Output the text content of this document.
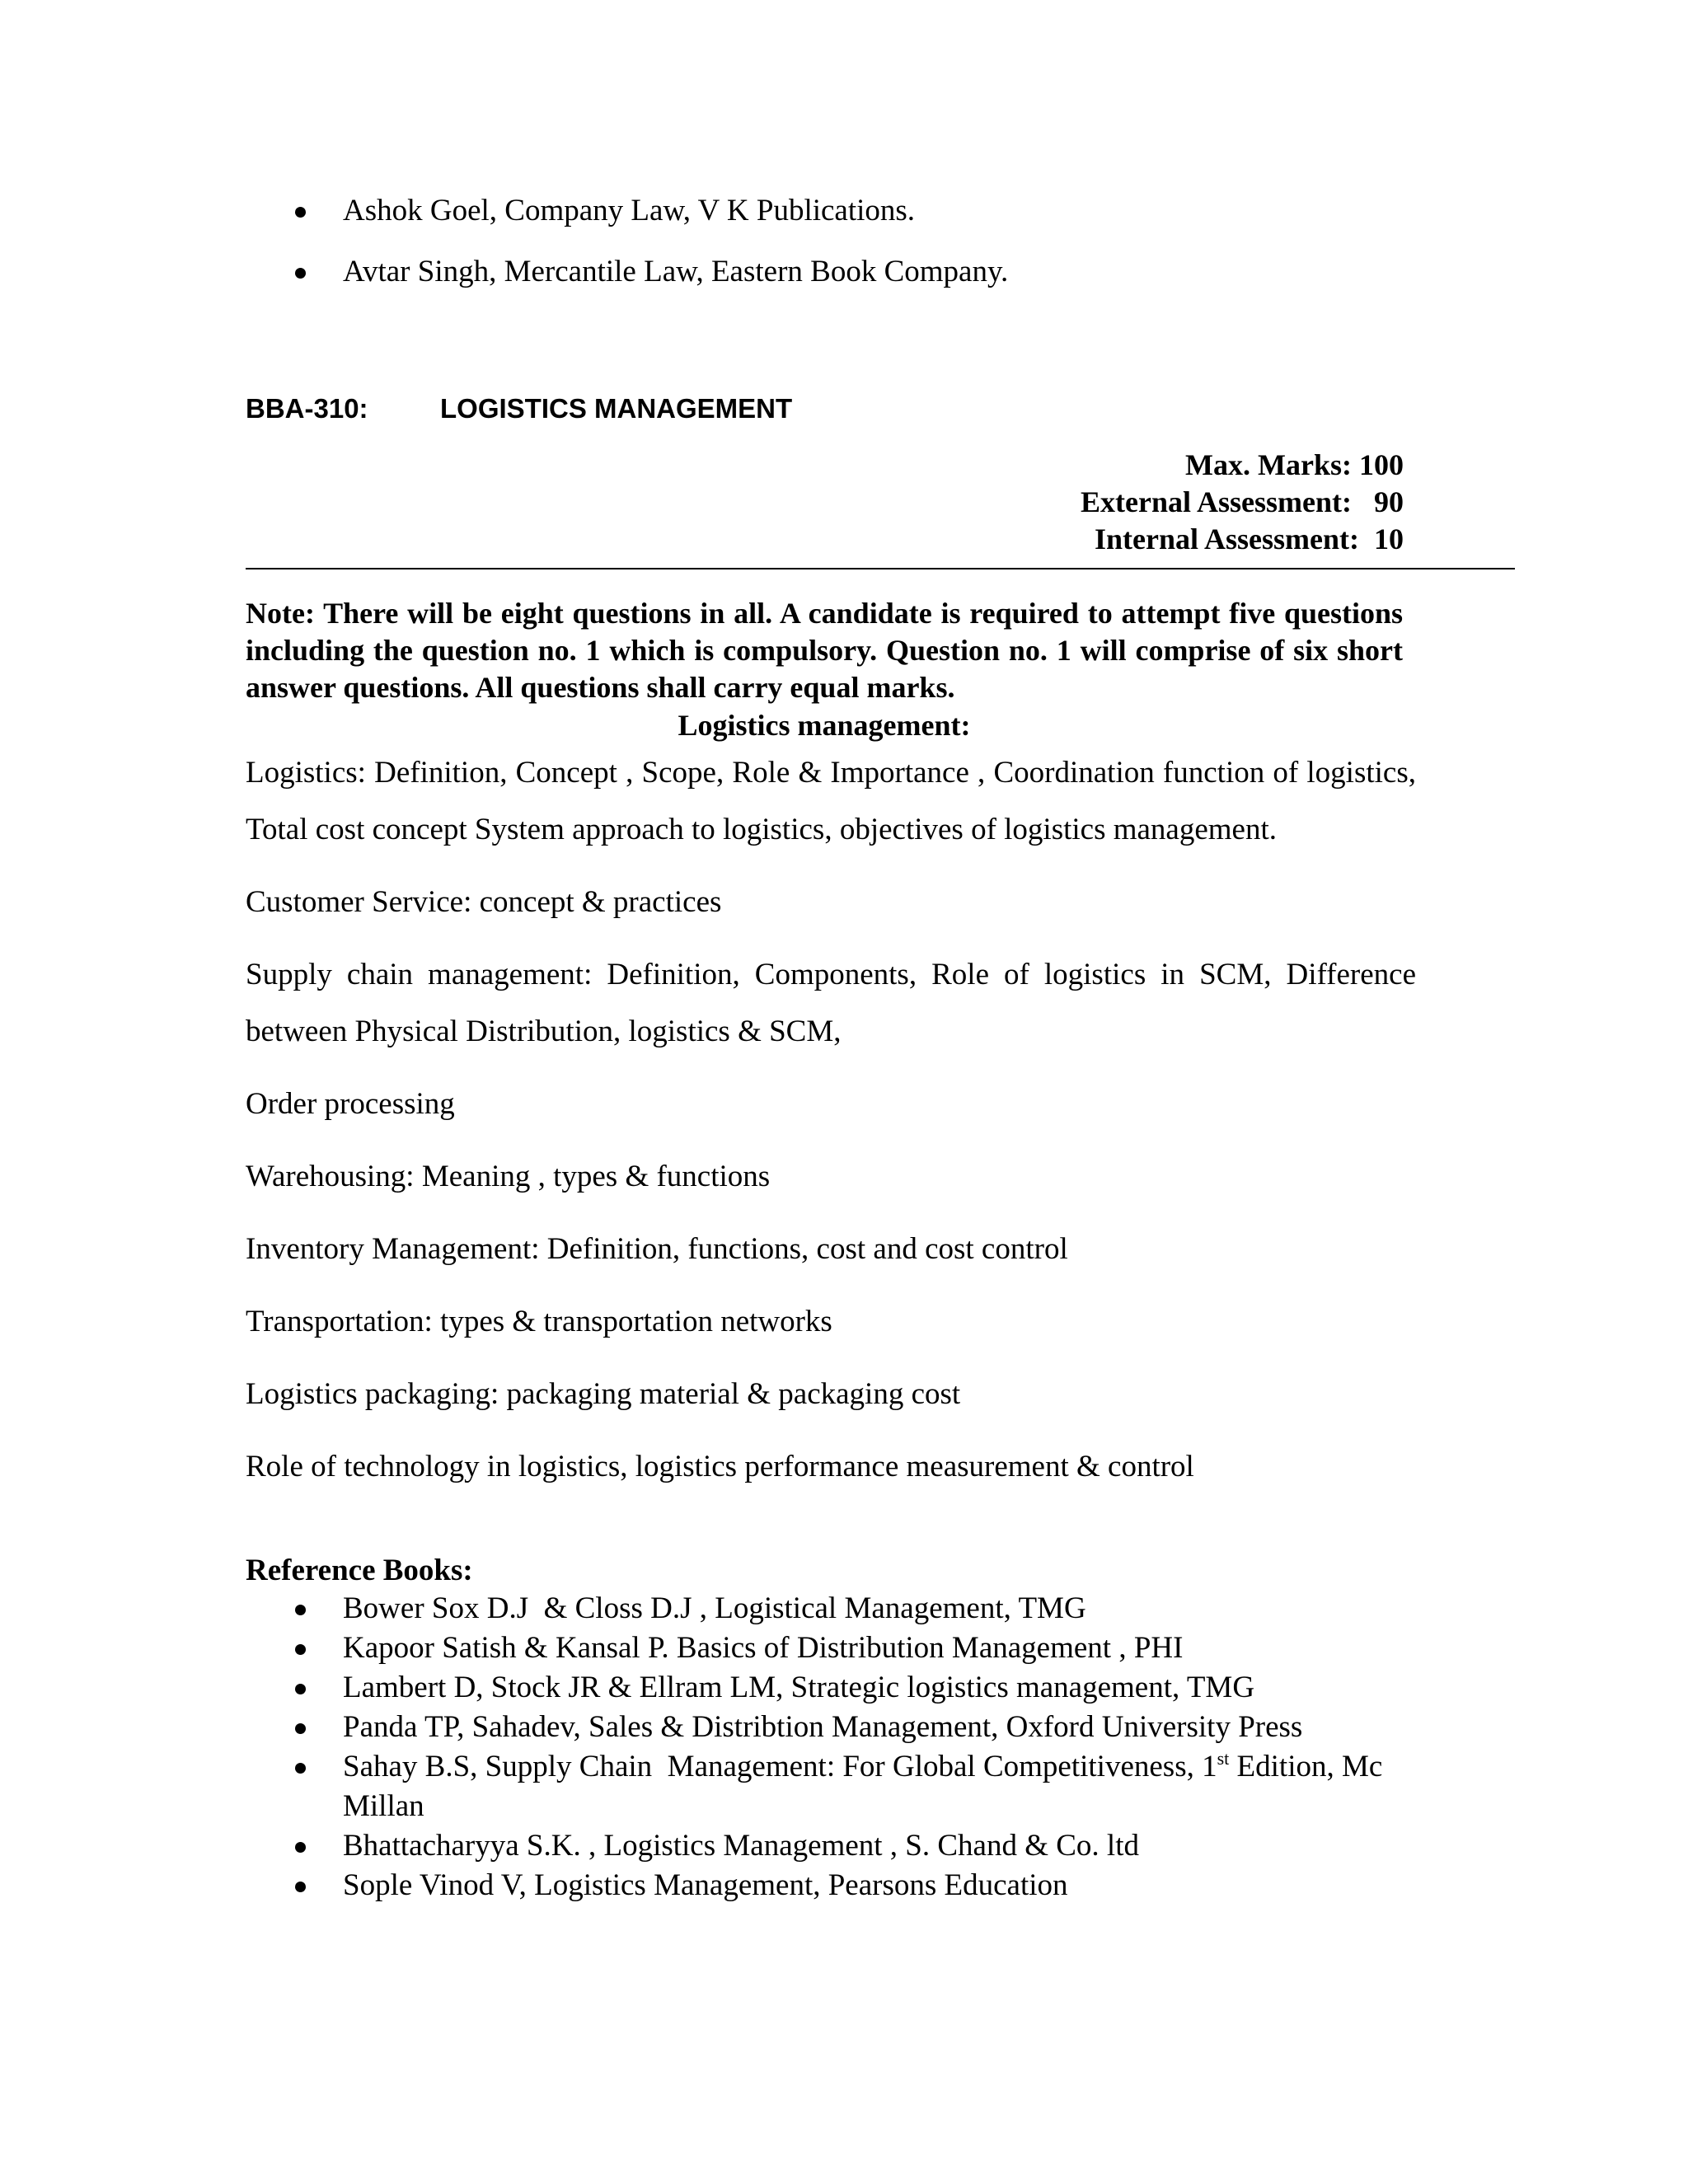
Ashok Goel, Company Law, V K Publications.
Avtar Singh, Mercantile Law, Eastern Book Company.
BBA-310:	LOGISTICS MANAGEMENT
Max. Marks: 100
External Assessment:   90
Internal Assessment:  10
Note: There will be eight questions in all. A candidate is required to attempt five questions including the question no. 1 which is compulsory. Question no. 1 will comprise of six short answer questions. All questions shall carry equal marks.
Logistics management:

Logistics: Definition, Concept , Scope, Role & Importance , Coordination function of logistics, Total cost concept System approach to logistics, objectives of logistics management.

Customer Service: concept & practices

Supply chain management: Definition, Components, Role of logistics in SCM, Difference between Physical Distribution, logistics & SCM,

Order processing

Warehousing: Meaning , types & functions

Inventory Management: Definition, functions, cost and cost control

Transportation: types & transportation networks

Logistics packaging: packaging material & packaging cost

Role of technology in logistics, logistics performance measurement & control

Reference Books:
Bower Sox D.J  & Closs D.J , Logistical Management, TMG
Kapoor Satish & Kansal P. Basics of Distribution Management , PHI
Lambert D, Stock JR & Ellram LM, Strategic logistics management, TMG
Panda TP, Sahadev, Sales & Distribtion Management, Oxford University Press
Sahay B.S, Supply Chain  Management: For Global Competitiveness, 1st Edition, Mc Millan
Bhattacharyya S.K. , Logistics Management , S. Chand & Co. ltd
Sople Vinod V, Logistics Management, Pearsons Education
